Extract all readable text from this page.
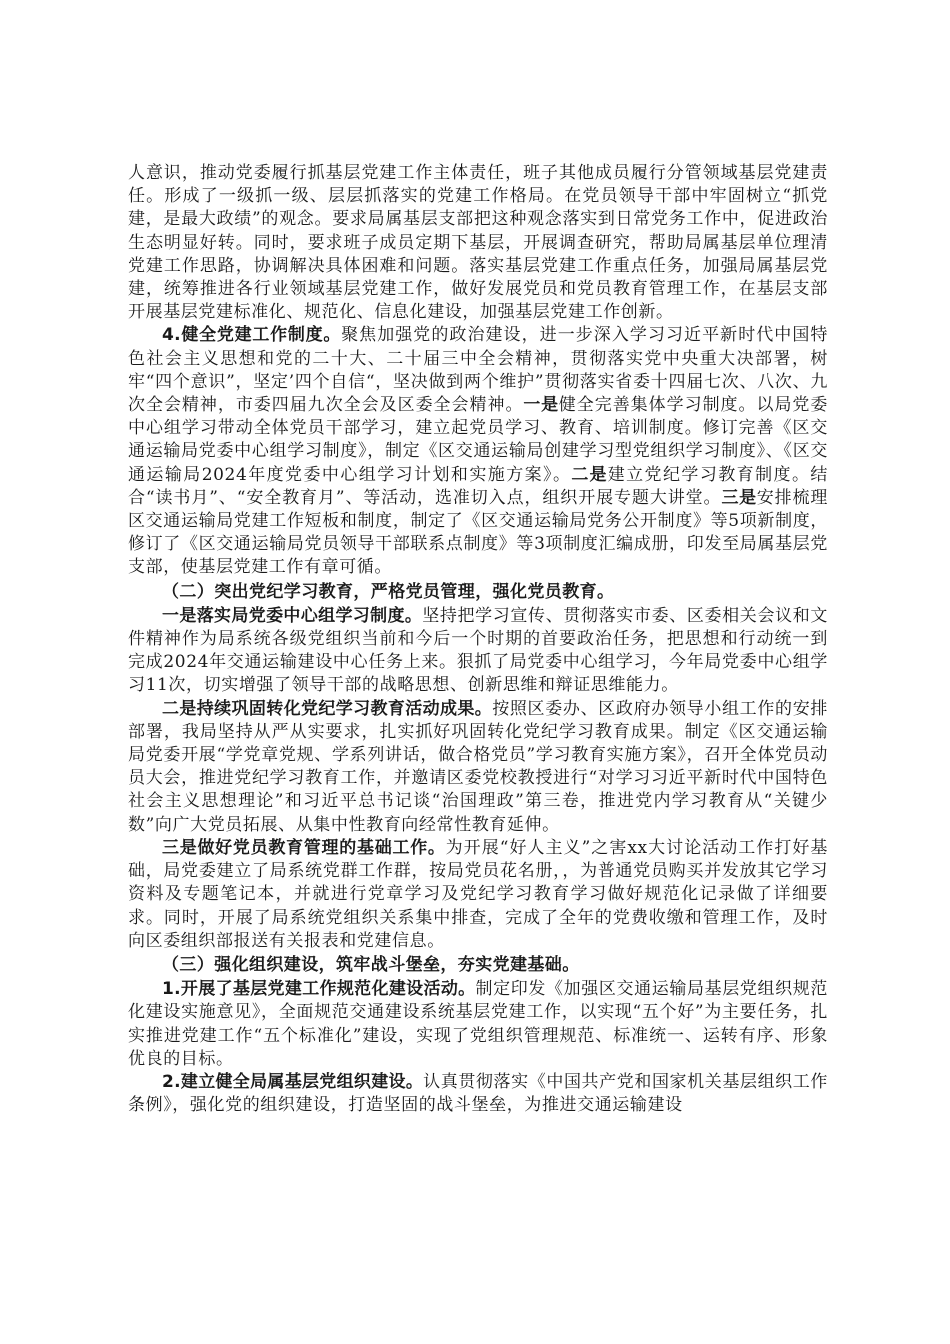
人意识，推动党委履行抓基层党建工作主体责任，班子其他成员履行分管领域基层党建责任。形成了一级抓一级、层层抓落实的党建工作格局。在党员领导干部中牢固树立“抓党建，是最大政绩”的观念。要求局属基层支部把这种观念落实到日常党务工作中，促进政治生态明显好转。同时，要求班子成员定期下基层，开展调查研究，帮助局属基层单位理清党建工作思路，协调解决具体困难和问题。落实基层党建工作重点任务，加强局属基层党建，统筹推进各行业领域基层党建工作，做好发展党员和党员教育管理工作，在基层支部开展基层党建标准化、规范化、信息化建设，加强基层党建工作创新。

4.健全党建工作制度。聚焦加强党的政治建设，进一步深入学习习近平新时代中国特色社会主义思想和党的二十大、二十届三中全会精神，贯彻落实党中央重大决部署，树牢“四个意识”，坚定’四个自信“，坚决做到两个维护”贯彻落实省委十四届七次、八次、九次全会精神，市委四届九次全会及区委全会精神。一是健全完善集体学习制度。以局党委中心组学习带动全体党员干部学习，建立起党员学习、教育、培训制度。修订完善《区交通运输局党委中心组学习制度》，制定《区交通运输局创建学习型党组织学习制度》、《区交通运输局2024年度党委中心组学习计划和实施方案》。二是建立党纪学习教育制度。结合“读书月”、“安全教育月”、等活动，选准切入点，组织开展专题大讲堂。三是安排梳理区交通运输局党建工作短板和制度，制定了《区交通运输局党务公开制度》等5项新制度，修订了《区交通运输局党员领导干部联系点制度》等3项制度汇编成册，印发至局属基层党支部，使基层党建工作有章可循。

（二）突出党纪学习教育，严格党员管理，强化党员教育。

一是落实局党委中心组学习制度。坚持把学习宣传、贯彻落实市委、区委相关会议和文件精神作为局系统各级党组织当前和今后一个时期的首要政治任务，把思想和行动统一到完成2024年交通运输建设中心任务上来。狠抓了局党委中心组学习，今年局党委中心组学习11次，切实增强了领导干部的战略思想、创新思维和辩证思维能力。

二是持续巩固转化党纪学习教育活动成果。按照区委办、区政府办领导小组工作的安排部署，我局坚持从严从实要求，扎实抓好巩固转化党纪学习教育成果。制定《区交通运输局党委开展“学党章党规、学系列讲话，做合格党员”学习教育实施方案》，召开全体党员动员大会，推进党纪学习教育工作，并邀请区委党校教授进行“对学习习近平新时代中国特色社会主义思想理论”和习近平总书记谈“治国理政”第三卷，推进党内学习教育从“关键少数”向广大党员拓展、从集中性教育向经常性教育延伸。

三是做好党员教育管理的基础工作。为开展“好人主义”之害xx大讨论活动工作打好基础，局党委建立了局系统党群工作群，按局党员花名册，，为普通党员购买并发放其它学习资料及专题笔记本，并就进行党章学习及党纪学习教育学习做好规范化记录做了详细要求。同时，开展了局系统党组织关系集中排查，完成了全年的党费收缴和管理工作，及时向区委组织部报送有关报表和党建信息。

（三）强化组织建设，筑牢战斗堡垒，夯实党建基础。

1.开展了基层党建工作规范化建设活动。制定印发《加强区交通运输局基层党组织规范化建设实施意见》，全面规范交通建设系统基层党建工作，以实现“五个好”为主要任务，扎实推进党建工作“五个标准化”建设，实现了党组织管理规范、标准统一、运转有序、形象优良的目标。

2.建立健全局属基层党组织建设。认真贯彻落实《中国共产党和国家机关基层组织工作条例》，强化党的组织建设，打造坚固的战斗堡垒，为推进交通运输建设
